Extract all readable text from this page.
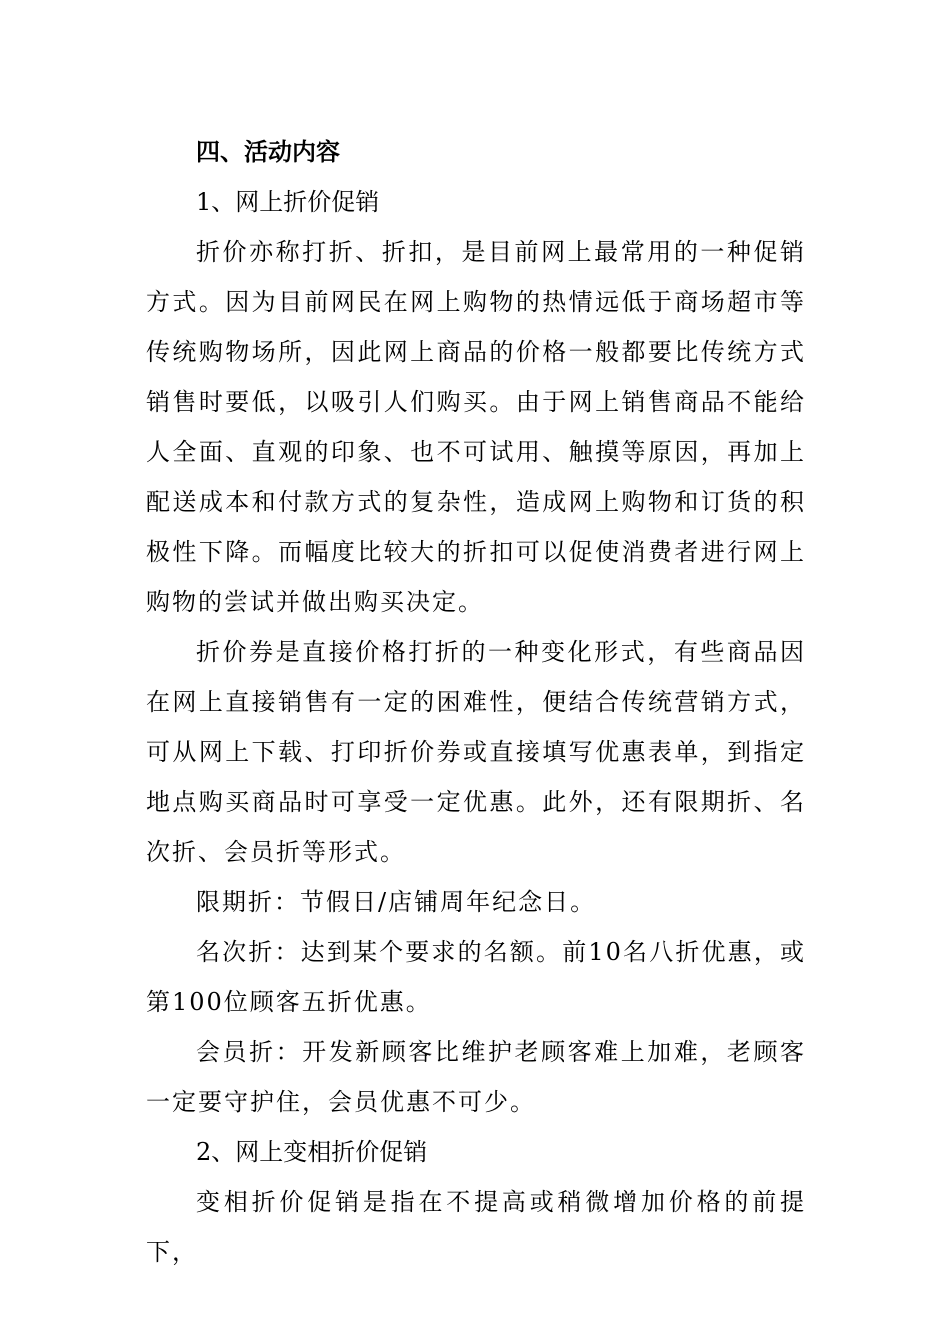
四、活动内容

1、网上折价促销

折价亦称打折、折扣，是目前网上最常用的一种促销方式。因为目前网民在网上购物的热情远低于商场超市等传统购物场所，因此网上商品的价格一般都要比传统方式销售时要低，以吸引人们购买。由于网上销售商品不能给人全面、直观的印象、也不可试用、触摸等原因，再加上配送成本和付款方式的复杂性，造成网上购物和订货的积极性下降。而幅度比较大的折扣可以促使消费者进行网上购物的尝试并做出购买决定。

折价券是直接价格打折的一种变化形式，有些商品因在网上直接销售有一定的困难性，便结合传统营销方式，可从网上下载、打印折价券或直接填写优惠表单，到指定地点购买商品时可享受一定优惠。此外，还有限期折、名次折、会员折等形式。

限期折：节假日/店铺周年纪念日。

名次折：达到某个要求的名额。前10名八折优惠，或第100位顾客五折优惠。

会员折：开发新顾客比维护老顾客难上加难，老顾客一定要守护住，会员优惠不可少。

2、网上变相折价促销

变相折价促销是指在不提高或稍微增加价格的前提下，
